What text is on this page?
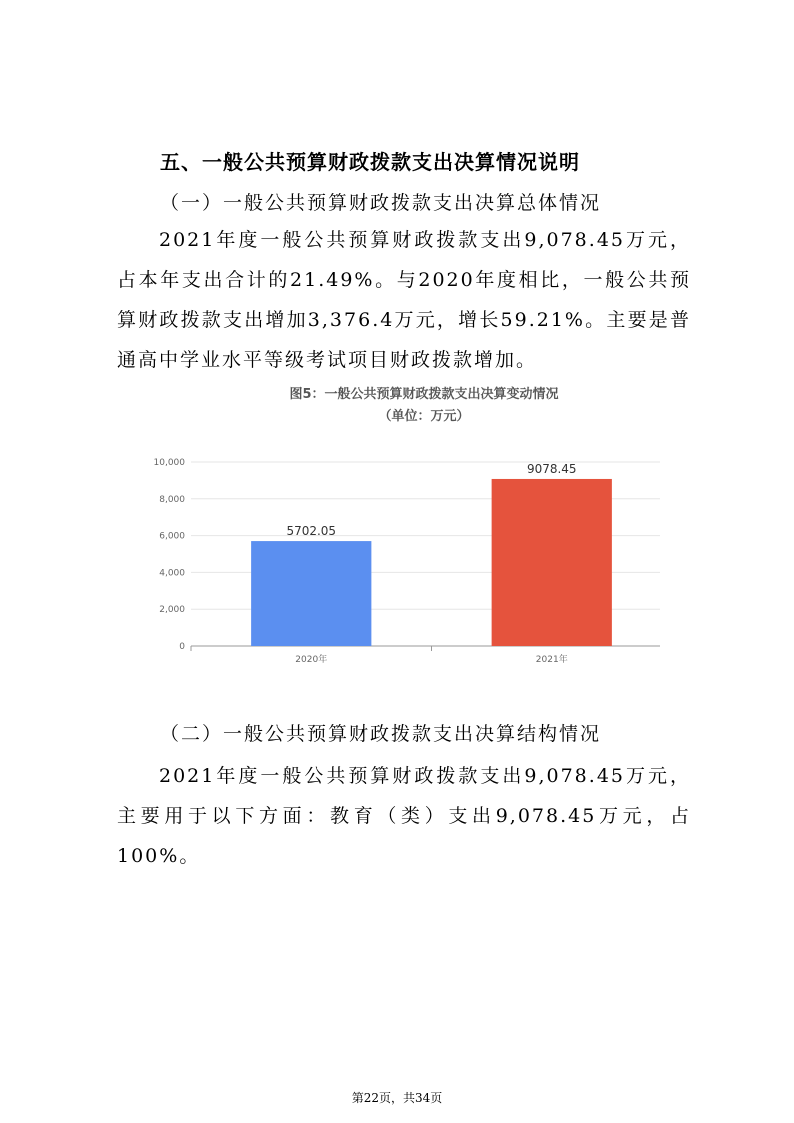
五、一般公共预算财政拨款支出决算情况说明
（一）一般公共预算财政拨款支出决算总体情况

2021年度一般公共预算财政拨款支出9,078.45万元，占本年支出合计的21.49%。与2020年度相比，一般公共预算财政拨款支出增加3,376.4万元，增长59.21%。主要是普通高中学业水平等级考试项目财政拨款增加。

图5：一般公共预算财政拨款支出决算变动情况
（单位：万元）
0
2,000
4,000
6,000
8,000
10,000
5702.05
2020年
9078.45
2021年
（二）一般公共预算财政拨款支出决算结构情况

2021年度一般公共预算财政拨款支出9,078.45万元，主要用于以下方面：教育（类）支出9,078.45万元，占100%。

第22页，共34页
